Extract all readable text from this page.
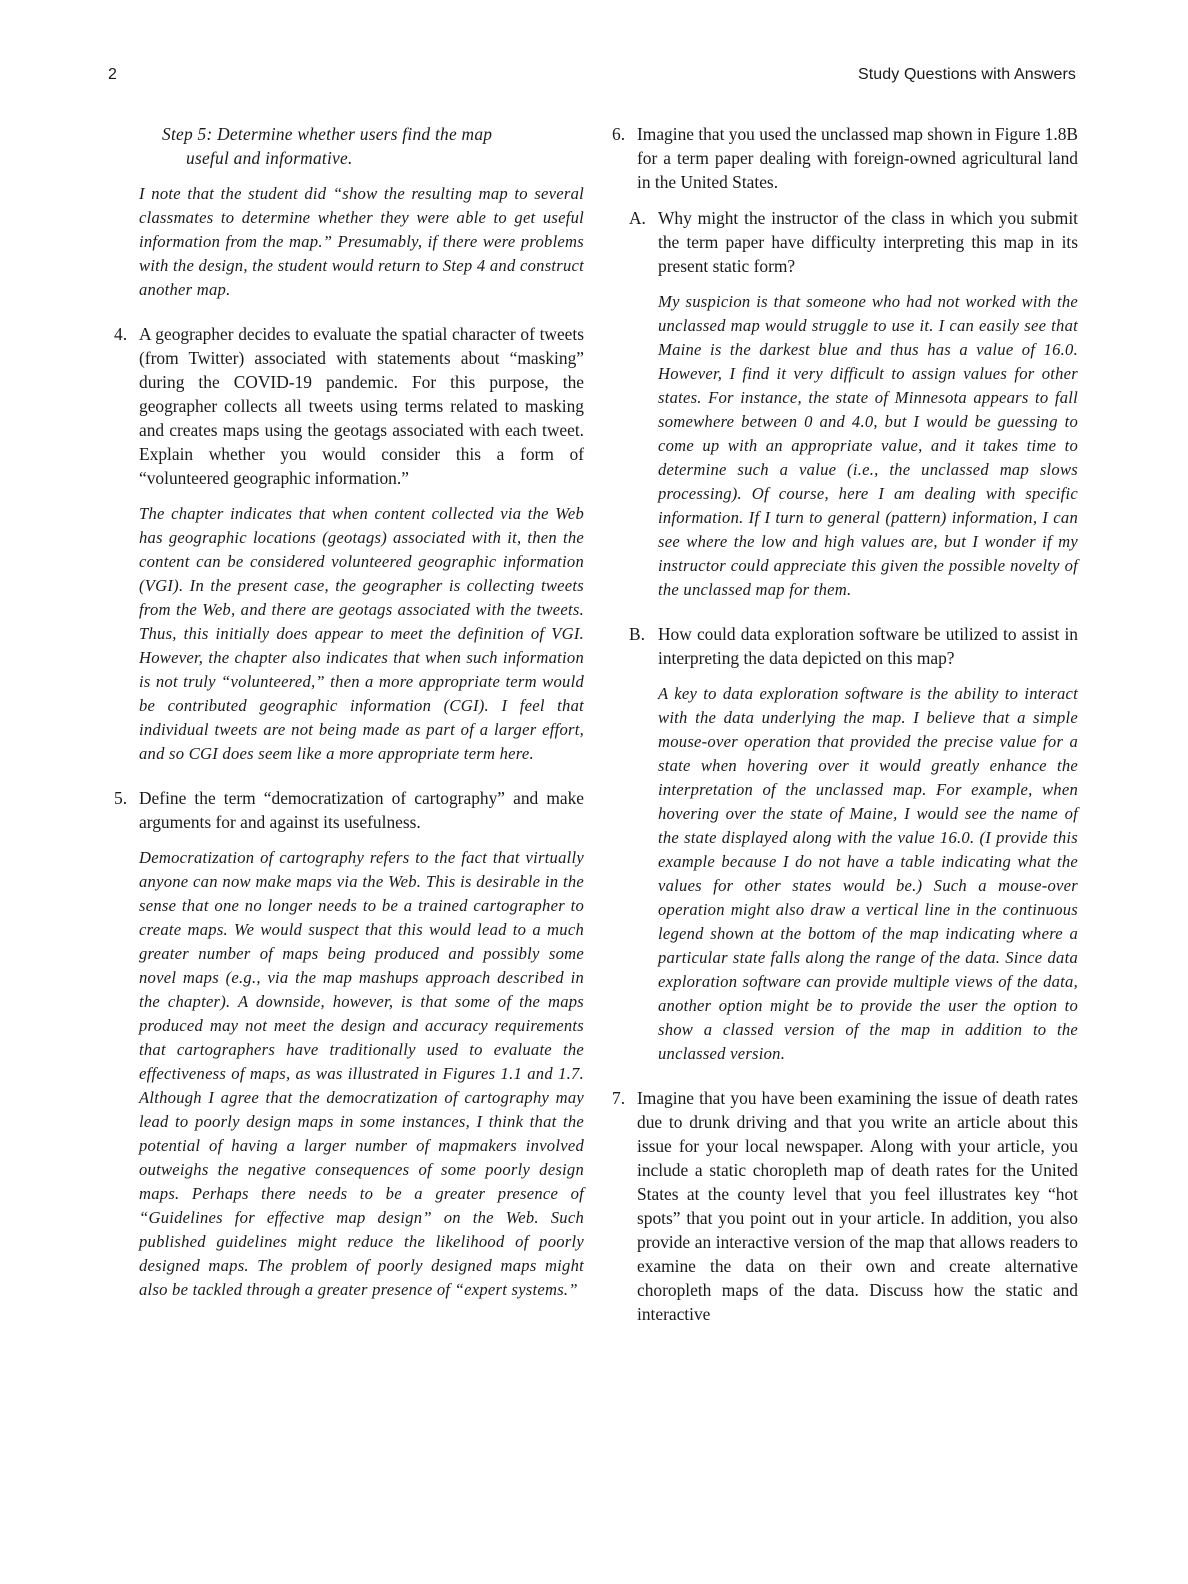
2	Study Questions with Answers

Step 5: Determine whether users find the map
useful and informative.

I note that the student did “show the resulting map to several classmates to determine whether they were able to get useful information from the map.” Presumably, if there were problems with the design, the student would return to Step 4 and construct another map.

4. A geographer decides to evaluate the spatial character of tweets (from Twitter) associated with statements about “masking” during the COVID-19 pandemic. For this purpose, the geographer collects all tweets using terms related to masking and creates maps using the geotags associated with each tweet. Explain whether you would consider this a form of “volunteered geographic information.”

The chapter indicates that when content collected via the Web has geographic locations (geotags) associated with it, then the content can be considered volunteered geographic information (VGI). In the present case, the geographer is collecting tweets from the Web, and there are geotags associated with the tweets. Thus, this initially does appear to meet the definition of VGI. However, the chapter also indicates that when such information is not truly “volunteered,” then a more appropriate term would be contributed geographic information (CGI). I feel that individual tweets are not being made as part of a larger effort, and so CGI does seem like a more appropriate term here.

5. Define the term “democratization of cartography” and make arguments for and against its usefulness.

Democratization of cartography refers to the fact that virtually anyone can now make maps via the Web. This is desirable in the sense that one no longer needs to be a trained cartographer to create maps. We would suspect that this would lead to a much greater number of maps being produced and possibly some novel maps (e.g., via the map mashups approach described in the chapter). A downside, however, is that some of the maps produced may not meet the design and accuracy requirements that cartographers have traditionally used to evaluate the effectiveness of maps, as was illustrated in Figures 1.1 and 1.7. Although I agree that the democratization of cartography may lead to poorly design maps in some instances, I think that the potential of having a larger number of mapmakers involved outweighs the negative consequences of some poorly design maps. Perhaps there needs to be a greater presence of “Guidelines for effective map design” on the Web. Such published guidelines might reduce the likelihood of poorly designed maps. The problem of poorly designed maps might also be tackled through a greater presence of “expert systems.”

6. Imagine that you used the unclassed map shown in Figure 1.8B for a term paper dealing with foreign-owned agricultural land in the United States.

A. Why might the instructor of the class in which you submit the term paper have difficulty interpreting this map in its present static form?

My suspicion is that someone who had not worked with the unclassed map would struggle to use it. I can easily see that Maine is the darkest blue and thus has a value of 16.0. However, I find it very difficult to assign values for other states. For instance, the state of Minnesota appears to fall somewhere between 0 and 4.0, but I would be guessing to come up with an appropriate value, and it takes time to determine such a value (i.e., the unclassed map slows processing). Of course, here I am dealing with specific information. If I turn to general (pattern) information, I can see where the low and high values are, but I wonder if my instructor could appreciate this given the possible novelty of the unclassed map for them.

B. How could data exploration software be utilized to assist in interpreting the data depicted on this map?

A key to data exploration software is the ability to interact with the data underlying the map. I believe that a simple mouse-over operation that provided the precise value for a state when hovering over it would greatly enhance the interpretation of the unclassed map. For example, when hovering over the state of Maine, I would see the name of the state displayed along with the value 16.0. (I provide this example because I do not have a table indicating what the values for other states would be.) Such a mouse-over operation might also draw a vertical line in the continuous legend shown at the bottom of the map indicating where a particular state falls along the range of the data. Since data exploration software can provide multiple views of the data, another option might be to provide the user the option to show a classed version of the map in addition to the unclassed version.

7. Imagine that you have been examining the issue of death rates due to drunk driving and that you write an article about this issue for your local newspaper. Along with your article, you include a static choropleth map of death rates for the United States at the county level that you feel illustrates key “hot spots” that you point out in your article. In addition, you also provide an interactive version of the map that allows readers to examine the data on their own and create alternative choropleth maps of the data. Discuss how the static and interactive
